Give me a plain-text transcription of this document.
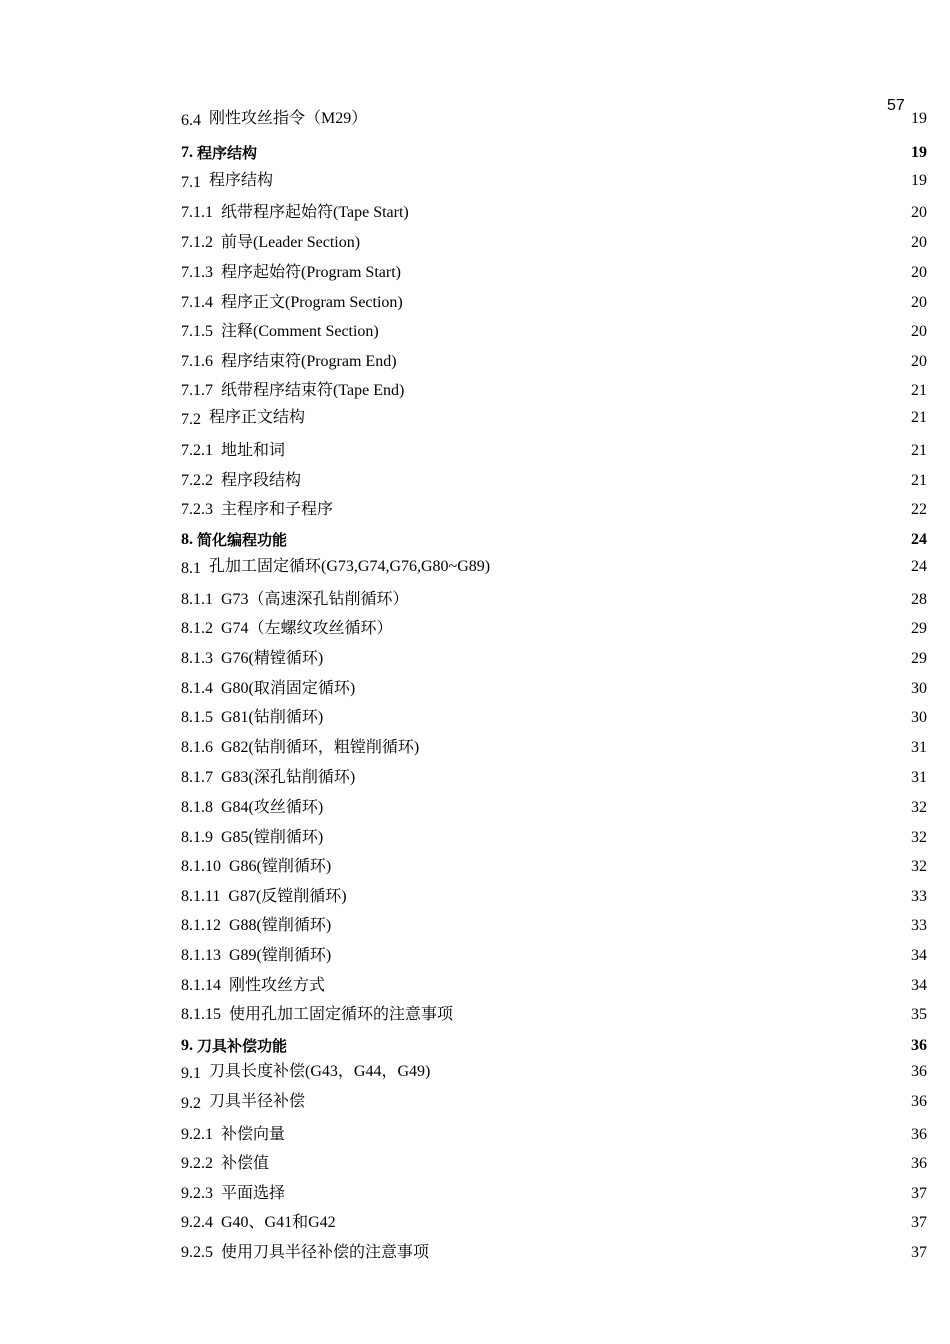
57
6.4 刚性攻丝指令（M29）	19
7. 程序结构	19
7.1 程序结构	19
7.1.1 纸带程序起始符(Tape Start)	20
7.1.2 前导(Leader Section)	20
7.1.3 程序起始符(Program Start)	20
7.1.4 程序正文(Program Section)	20
7.1.5 注释(Comment Section)	20
7.1.6 程序结束符(Program End)	20
7.1.7 纸带程序结束符(Tape End)	21
7.2 程序正文结构	21
7.2.1 地址和词	21
7.2.2 程序段结构	21
7.2.3 主程序和子程序	22
8. 简化编程功能	24
8.1 孔加工固定循环(G73,G74,G76,G80~G89)	24
8.1.1 G73（高速深孔钻削循环）	28
8.1.2 G74（左螺纹攻丝循环）	29
8.1.3 G76(精镗循环)	29
8.1.4 G80(取消固定循环)	30
8.1.5 G81(钻削循环)	30
8.1.6 G82(钻削循环，粗镗削循环)	31
8.1.7 G83(深孔钻削循环)	31
8.1.8 G84(攻丝循环)	32
8.1.9 G85(镗削循环)	32
8.1.10 G86(镗削循环)	32
8.1.11 G87(反镗削循环)	33
8.1.12 G88(镗削循环)	33
8.1.13 G89(镗削循环)	34
8.1.14 刚性攻丝方式	34
8.1.15 使用孔加工固定循环的注意事项	35
9. 刀具补偿功能	36
9.1 刀具长度补偿(G43，G44，G49)	36
9.2 刀具半径补偿	36
9.2.1 补偿向量	36
9.2.2 补偿值	36
9.2.3 平面选择	37
9.2.4 G40、G41和G42	37
9.2.5 使用刀具半径补偿的注意事项	37
